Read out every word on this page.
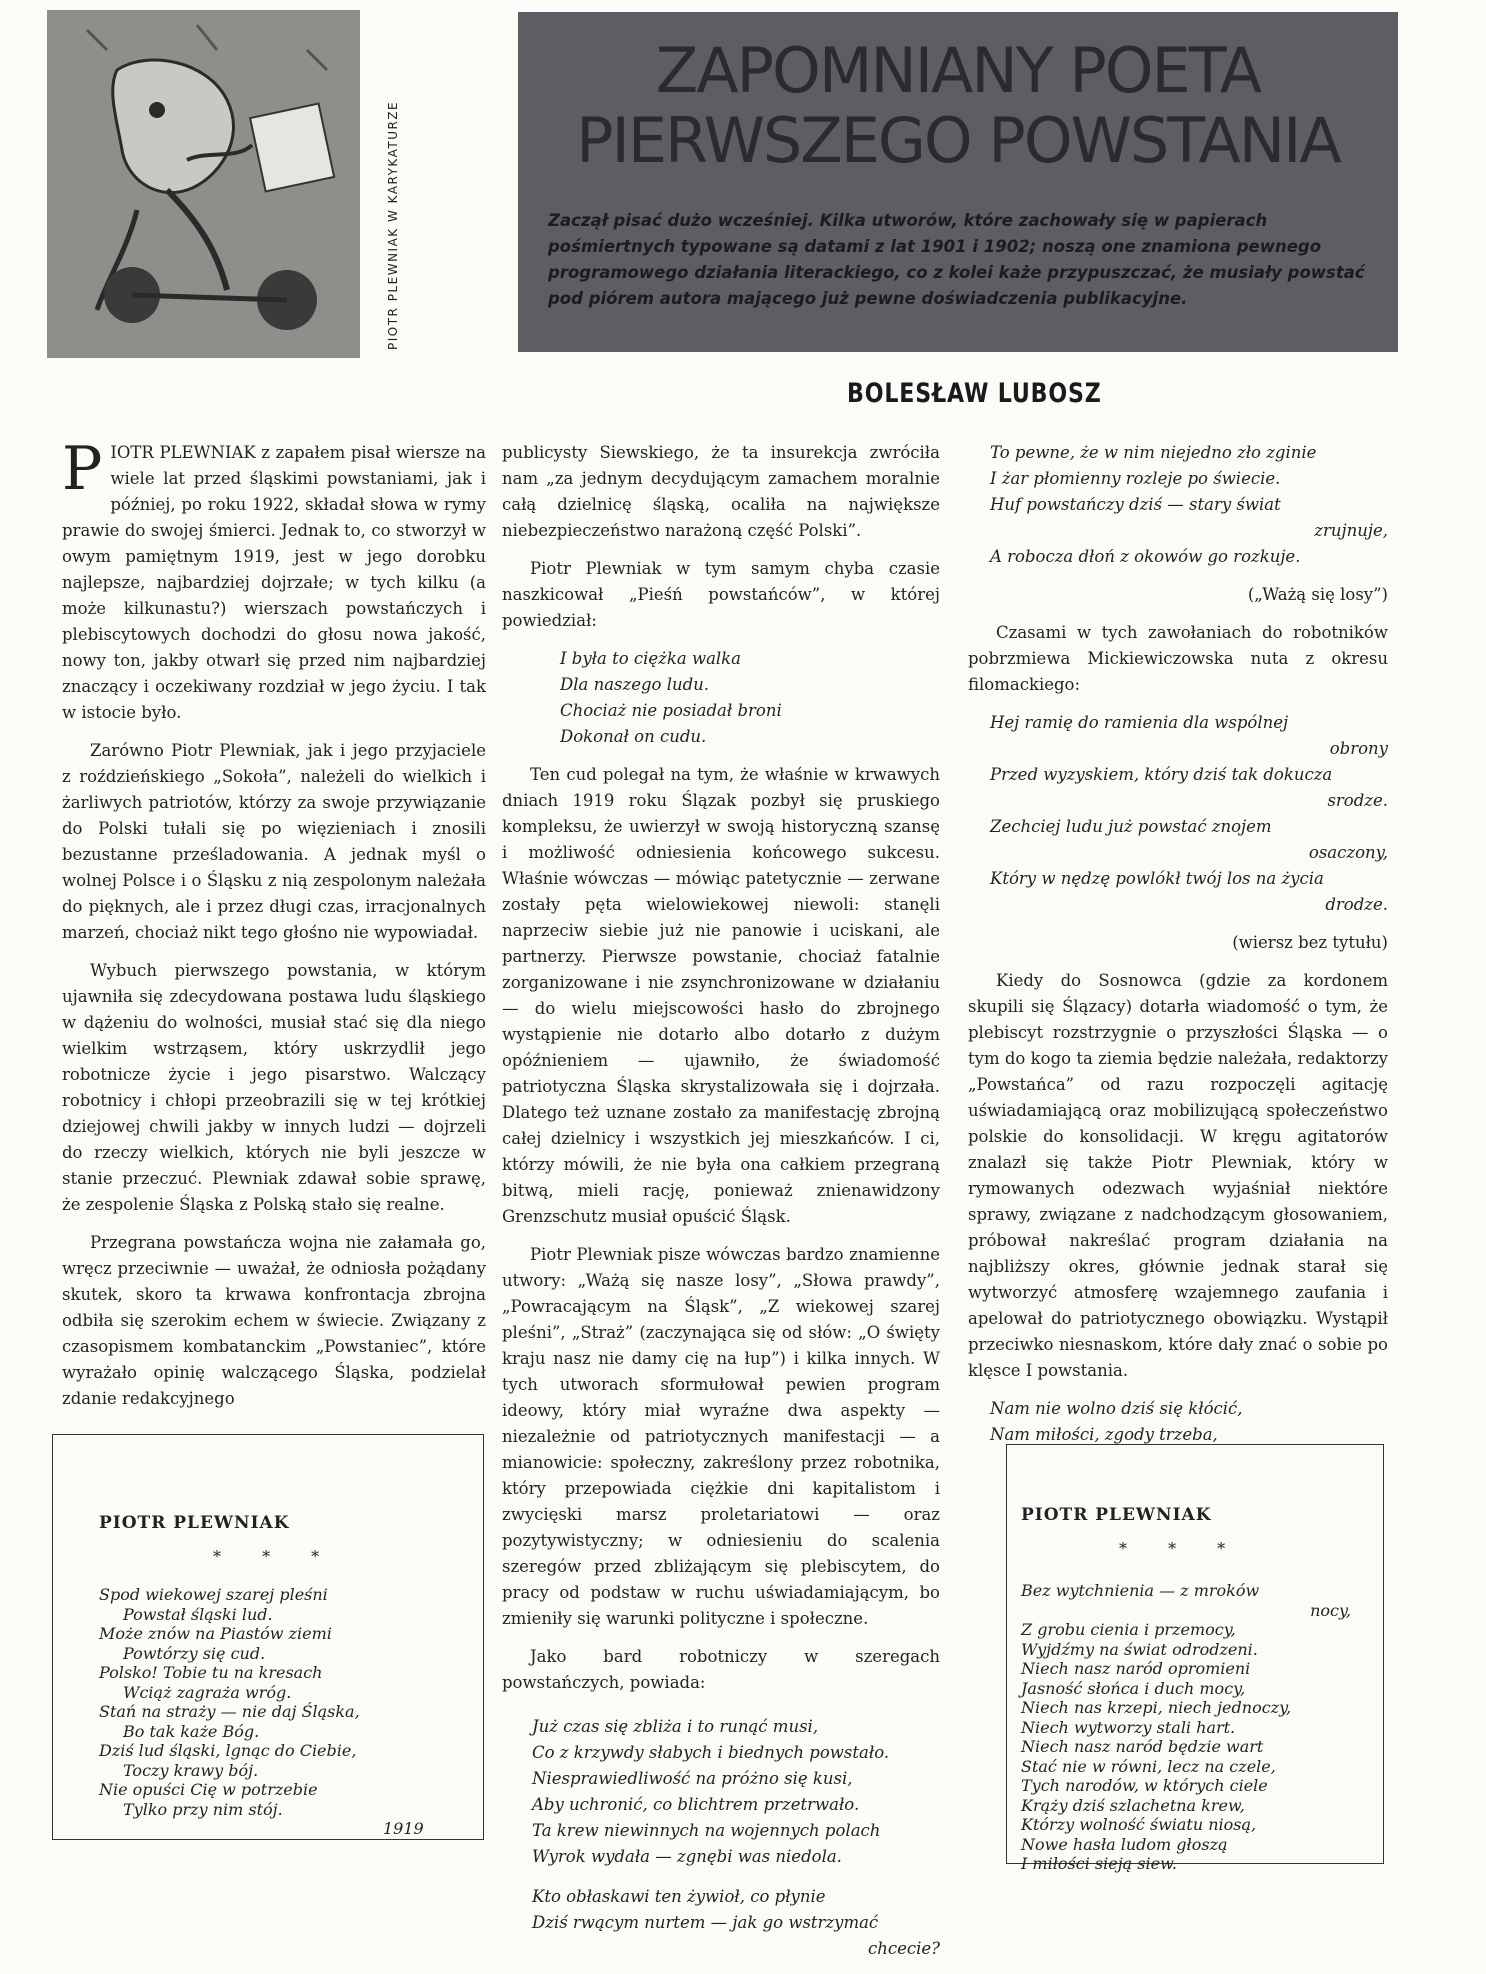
PIOTR PLEWNIAK W KARYKATURZE
ZAPOMNIANY POETA
PIERWSZEGO POWSTANIA
Zaczął pisać dużo wcześniej. Kilka utworów, które zachowały się w papierach pośmiertnych typowane są datami z lat 1901 i 1902; noszą one znamiona pewnego programowego działania literackiego, co z kolei każe przypuszczać, że musiały powstać pod piórem autora mającego już pewne doświadczenia publikacyjne.
BOLESŁAW LUBOSZ

PIOTR PLEWNIAK z zapałem pisał wiersze na wiele lat przed śląskimi powstaniami, jak i później, po roku 1922, składał słowa w rymy prawie do swojej śmierci. Jednak to, co stworzył w owym pamiętnym 1919, jest w jego dorobku najlepsze, najbardziej dojrzałe; w tych kilku (a może kilkunastu?) wierszach powstańczych i plebiscytowych dochodzi do głosu nowa jakość, nowy ton, jakby otwarł się przed nim najbardziej znaczący i oczekiwany rozdział w jego życiu. I tak w istocie było.

Zarówno Piotr Plewniak, jak i jego przyjaciele z roździeńskiego „Sokoła”, należeli do wielkich i żarliwych patriotów, którzy za swoje przywiązanie do Polski tułali się po więzieniach i znosili bezustanne prześladowania. A jednak myśl o wolnej Polsce i o Śląsku z nią zespolonym należała do pięknych, ale i przez długi czas, irracjonalnych marzeń, chociaż nikt tego głośno nie wypowiadał.

Wybuch pierwszego powstania, w którym ujawniła się zdecydowana postawa ludu śląskiego w dążeniu do wolności, musiał stać się dla niego wielkim wstrząsem, który uskrzydlił jego robotnicze życie i jego pisarstwo. Walczący robotnicy i chłopi przeobrazili się w tej krótkiej dziejowej chwili jakby w innych ludzi — dojrzeli do rzeczy wielkich, których nie byli jeszcze w stanie przeczuć. Plewniak zdawał sobie sprawę, że zespolenie Śląska z Polską stało się realne.

Przegrana powstańcza wojna nie załamała go, wręcz przeciwnie — uważał, że odniosła pożądany skutek, skoro ta krwawa konfrontacja zbrojna odbiła się szerokim echem w świecie. Związany z czasopismem kombatanckim „Powstaniec”, które wyrażało opinię walczącego Śląska, podzielał zdanie redakcyjnego

publicysty Siewskiego, że ta insurekcja zwróciła nam „za jednym decydującym zamachem moralnie całą dzielnicę śląską, ocaliła na największe niebezpieczeństwo narażoną część Polski”.

Piotr Plewniak w tym samym chyba czasie naszkicował „Pieśń powstańców”, w której powiedział:

I była to ciężka walka
Dla naszego ludu.
Chociaż nie posiadał broni
Dokonał on cudu.

Ten cud polegał na tym, że właśnie w krwawych dniach 1919 roku Ślązak pozbył się pruskiego kompleksu, że uwierzył w swoją historyczną szansę i możliwość odniesienia końcowego sukcesu. Właśnie wówczas — mówiąc patetycznie — zerwane zostały pęta wielowiekowej niewoli: stanęli naprzeciw siebie już nie panowie i uciskani, ale partnerzy. Pierwsze powstanie, chociaż fatalnie zorganizowane i nie zsynchronizowane w działaniu — do wielu miejscowości hasło do zbrojnego wystąpienie nie dotarło albo dotarło z dużym opóźnieniem — ujawniło, że świadomość patriotyczna Śląska skrystalizowała się i dojrzała. Dlatego też uznane zostało za manifestację zbrojną całej dzielnicy i wszystkich jej mieszkańców. I ci, którzy mówili, że nie była ona całkiem przegraną bitwą, mieli rację, ponieważ znienawidzony Grenzschutz musiał opuścić Śląsk.

Piotr Plewniak pisze wówczas bardzo znamienne utwory: „Ważą się nasze losy”, „Słowa prawdy”, „Powracającym na Śląsk”, „Z wiekowej szarej pleśni”, „Straż” (zaczynająca się od słów: „O święty kraju nasz nie damy cię na łup”) i kilka innych. W tych utworach sformułował pewien program ideowy, który miał wyraźne dwa aspekty — niezależnie od patriotycznych manifestacji — a mianowicie: społeczny, zakreślony przez robotnika, który przepowiada ciężkie dni kapitalistom i zwycięski marsz proletariatowi — oraz pozytywistyczny; w odniesieniu do scalenia szeregów przed zbliżającym się plebiscytem, do pracy od podstaw w ruchu uświadamiającym, bo zmieniły się warunki polityczne i społeczne.

Jako bard robotniczy w szeregach powstańczych, powiada:

Już czas się zbliża i to runąć musi,
Co z krzywdy słabych i biednych powstało.
Niesprawiedliwość na próżno się kusi,
Aby uchronić, co blichtrem przetrwało.
Ta krew niewinnych na wojennych polach
Wyrok wydała — zgnębi was niedola.
Kto obłaskawi ten żywioł, co płynie
Dziś rwącym nurtem — jak go wstrzymać
chcecie?
To pewne, że w nim niejedno zło zginie
I żar płomienny rozleje po świecie.
Huf powstańczy dziś — stary świat
zrujnuje,
A robocza dłoń z okowów go rozkuje.
(„Ważą się losy”)

Czasami w tych zawołaniach do robotników pobrzmiewa Mickiewiczowska nuta z okresu filomackiego:

Hej ramię do ramienia dla wspólnej
obrony
Przed wyzyskiem, który dziś tak dokucza
srodze.
Zechciej ludu już powstać znojem
osaczony,
Który w nędzę powlókł twój los na życia
drodze.
(wiersz bez tytułu)

Kiedy do Sosnowca (gdzie za kordonem skupili się Ślązacy) dotarła wiadomość o tym, że plebiscyt rozstrzygnie o przyszłości Śląska — o tym do kogo ta ziemia będzie należała, redaktorzy „Powstańca” od razu rozpoczęli agitację uświadamiającą oraz mobilizującą społeczeństwo polskie do konsolidacji. W kręgu agitatorów znalazł się także Piotr Plewniak, który w rymowanych odezwach wyjaśniał niektóre sprawy, związane z nadchodzącym głosowaniem, próbował nakreślać program działania na najbliższy okres, głównie jednak starał się wytworzyć atmosferę wzajemnego zaufania i apelował do patriotycznego obowiązku. Wystąpił przeciwko niesnaskom, które dały znać o sobie po klęsce I powstania.

Nam nie wolno dziś się kłócić,
Nam miłości, zgody trzeba,
PIOTR PLEWNIAK
* * *
Spod wiekowej szarej pleśni
Powstał śląski lud.
Może znów na Piastów ziemi
Powtórzy się cud.
Polsko! Tobie tu na kresach
Wciąż zagraża wróg.
Stań na straży — nie daj Śląska,
Bo tak każe Bóg.
Dziś lud śląski, lgnąc do Ciebie,
Toczy krawy bój.
Nie opuści Cię w potrzebie
Tylko przy nim stój.
1919
PIOTR PLEWNIAK
* * *
Bez wytchnienia — z mroków
nocy,
Z grobu cienia i przemocy,
Wyjdźmy na świat odrodzeni.
Niech nasz naród opromieni
Jasność słońca i duch mocy,
Niech nas krzepi, niech jednoczy,
Niech wytworzy stali hart.
Niech nasz naród będzie wart
Stać nie w równi, lecz na czele,
Tych narodów, w których ciele
Krąży dziś szlachetna krew,
Którzy wolność światu niosą,
Nowe hasła ludom głoszą
I miłości sieją siew.
